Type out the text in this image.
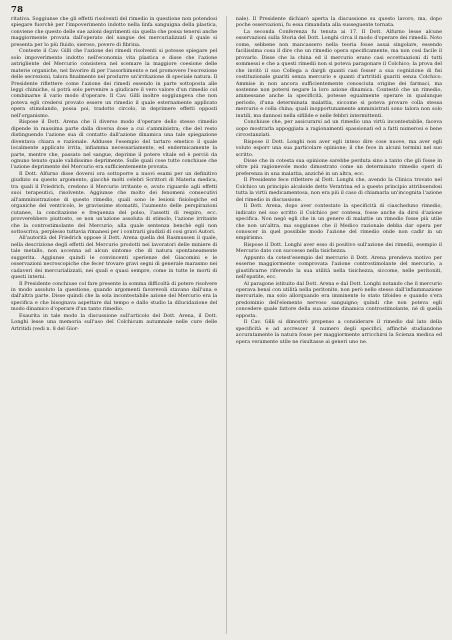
78

ritativa. Soggiunse che gli effetti risolventi del rimedio in questione non potendosi spiegare fuorchè per l'impoverimento indotto nella linfa sanguigna della plastica, conviene che questo delle sue azioni deprimenti sia quella che possa tenersi anche maggiormente provata dall'operato del sangue dei mercurializzati il quale si presenta per lo più fluido, sieroso, povero di fibrina.

Conteste il Cav. Gilli che l'azione dei rimedi risolventi si potesse spiegare pel solo impoverimento indotto nell'economia vita plastica e disse che l'azione astrigliente del Mercurio consisteva nel scemare la maggiore coesione delle materie organiche, nel favorire di per l'assorbimento e nel promovere l'escrezione delle secrezioni, talora finalmente nel produrre un'irritazione di speciale natura. Il Presidente riflettere come l'azione dei rimedi essendo in parte sottoposta alle leggi chimiche, si potrà solo pervenire a giudicare il vero valore d'un rimedio col combinarne il vario modo d'operare. Il Cav. Gilli inoltre soggiungeva che non poteva egli credersi provato essere un rimedio il quale esternamente applicato opera stimolando, possa poi, tradotto circolo, in deprimere effetti opposti nell'organismo.

Rispose il Dott. Arena che il diverso modo d'operare dello stesso rimedio dipende in massima parte dalla diversa dose a cui s'amministra; che del resto distinguendo l'azione sua di contatto dall'azione dinamica una tale spiegazione diventava chiara e razionale. Addusse l'esempio del tartaro emetico il quale localmente applicato irrita, infiamma necessariamente, ed endermicamente la parte, mentre che, passato nel sangue, deprime il potere vitale ed è perciò da ognuno tenuto quale validissimo deprimente. Sulle quali cose tutte conchiuse che l'azione deprimente del Mercurio era sufficientemente provata.

Il Dott. Alfurno disse doversi ora sottoporre a nuovi esami per un definitivo giudizio su questo argomento, giacchè molti celebri Scrittori di Materia medica, tra quali il Friedrich, credono il Mercurio irritante e, avuto riguardo agli effetti suoi terapeutici, risolvente. Aggiunse che molto dei fenomeni consecutivi all'amministrazione di questo rimedio, quali sono le lesioni fisiologiche ed organiche del ventricolo, le gravissime stomatiti, l'aumento delle perspirazioni cutanee, la concitazione e frequenza del polso, l'assetti di respiro, ecc. provverebbero piuttosto, se non un'azione assoluta di stimolo, l'azione irritante che la controstimolante del Mercurio; alla quale sentenza benchè egli non sottoscriva, perplesso tuttavia rimanesi per i contrarii giudizii di cosi gravi Autori.

All'autorità del Friedrich oppose il Dott. Arena quella del Rasmussen il quale, nella descrizione degli effetti del Mercurio prodotti nei lavoratori delle miniere di tale metallo, non accenna ad alcun sintomo che di natura spontaneamente suggerita. Aggiunse quindi le convincenti sperienze del Giacomini e le osservazioni necroscopiche che fecer trovare gravi segni di generale marasmo nei cadaveri dei mercurializzati, nei quali e quasi sempre, come in tutte le morti di questi interni.

Il Presidente conchiuse col fare presente la somma difficoltà di potere risolvere in modo assoluto la questione, quando argomenti favorevoli stavano dall'una e dall'altra parte. Disse quindi che la sola incontestabile azione del Mercurio era la specifica e che bisognava aspettare dal tempo e dallo studio la dilucidazione del modo dinamico d'operare d'un tanto rimedio.

Esaurita in tale modo la discussione sull'articolo del Dott. Arena, il Dott. Longhi lesse una memoria sull'uso del Colchicum autumnale nelle cure delle Artritidi (vedi n. 8 del Gior-

nale). Il Presidente dichiarò aperta la discussione su questo lavoro, ma, dopo poche osservazioni, fu essa rimandata alla susseguente tornata.

La seconda Conferenza fu tenuta ai 17. Il Dott. Alfurno lesse alcune osservazioni sulla Storia del Dott. Longhi circa il modo d'operare dei rimedii. Noto come, sebbene non mancassero nella teoria fosse assai singolare, essendo facilissima cosa il dire che un rimedio opera specificamente, ma non così facile il provarlo. Disse che la china ed il mercurio erano casi eccettuazioni di tutti sommessi e che a questi rimedii non si poteva paragonare il Colchico; la prova del che invitò il suo Collega a dargli quanti casi fosser a sua cognizione di fisi costituzionale guariti senza mercurio e quanti d'artritidi guariti senza Colchico. Ammise in non ancora sufficientemente conosciuta origine dei farmaci, ma sostenne non potersi negare la loro azione dinamica. Contestò che un rimedio, ammessane anche la specificità, potesse egualmente operare in qualunque periodo, d'una determinata malattia, siccome si poteva provare colla stessa mercurio e colla china; quali inopportunamente amministrati sono talora non solo inutili, ma dannosi nella sifilide e nelle febbri intermittenti.

Conchiuse che, per assicurarsi ad un rimedio una virtù incontestabile, faceva uopo mostrarla appoggiata a ragionamenti spassionati ed a fatti numerosi e bene circostanziati.

Rispose il Dott. Longhi non aver egli inteso dire cose nuove, ma aver egli voluto esporr una sua particolare opinione; il che fece in alcuni termini nel suo scritto.

Disse che in cotesta sua opinione sarebbe perduta sino a tanto che gli fosse in oltre più ragionevole modo dimostrato come un determinato rimedio operi di preferenza in una malattia, anzichè in un altra, ecc.

Il Presidente fece riflettere al Dott. Longhi che, avendo la Clinica trovato nel Colchico un principio alcaloide detto Veratrina ed a questo principio attribuendosi tutta la virtù medicamentosa, non era più il caso di chiamarla un'incognita l'azione del rimedio in discussione.

Il Dott. Arena, dopo aver contestato la specificità di ciascheduno rimedio, indicato nel suo scritto il Colchico per contesa, fosse anche da dirsi d'azione specifica. Non negò egli che in un genere di malattie un rimedio fosse più utile che non un'altra, ma soggiunse che il Medico razionale debba dar opera per conoscer in quel possibile modo l'azione del rimedio onde non cadir in un empirismo.

Rispose il Dott. Longhi aver esso di positivo sull'azione dei rimedii, esempio il Mercurio dato con successo nella tisichezza.

Appunto da cotest'esempio del mercurio il Dott. Arena prendeva motivo per esserne maggiormente comprovata l'azione controstimolante del mercurio, a giustificarne riferendo la sua utilità nella tisichezza, siccome, nelle peritoniti, nell'epatite, ecc.

Al paragone istituito dal Dott. Arena e dal Dott. Longhi notando che il mercurio operava bensì con utilità nella peritonite, non però nello stesso dall'infiammazione mercuriale, ma solo allorquando era imminente lo stato tifoideo e quando s'era predominio dell'elemento nervoso sanguigno; quindi che non poteva egli concedere quale fattore della sua azione dinamica controstimolante, nè di quella opposta.

Il Cav. Gilli si dimostrò propenso a considerare il rimedio dal lato della specificità e ad accrescer il numero degli specifici, affinchè studiandone accuratamente la natura fosse per maggiormente arricchirsi la Scienza medica ed opera veramente utile ne risultasse ai generi uno ne.
